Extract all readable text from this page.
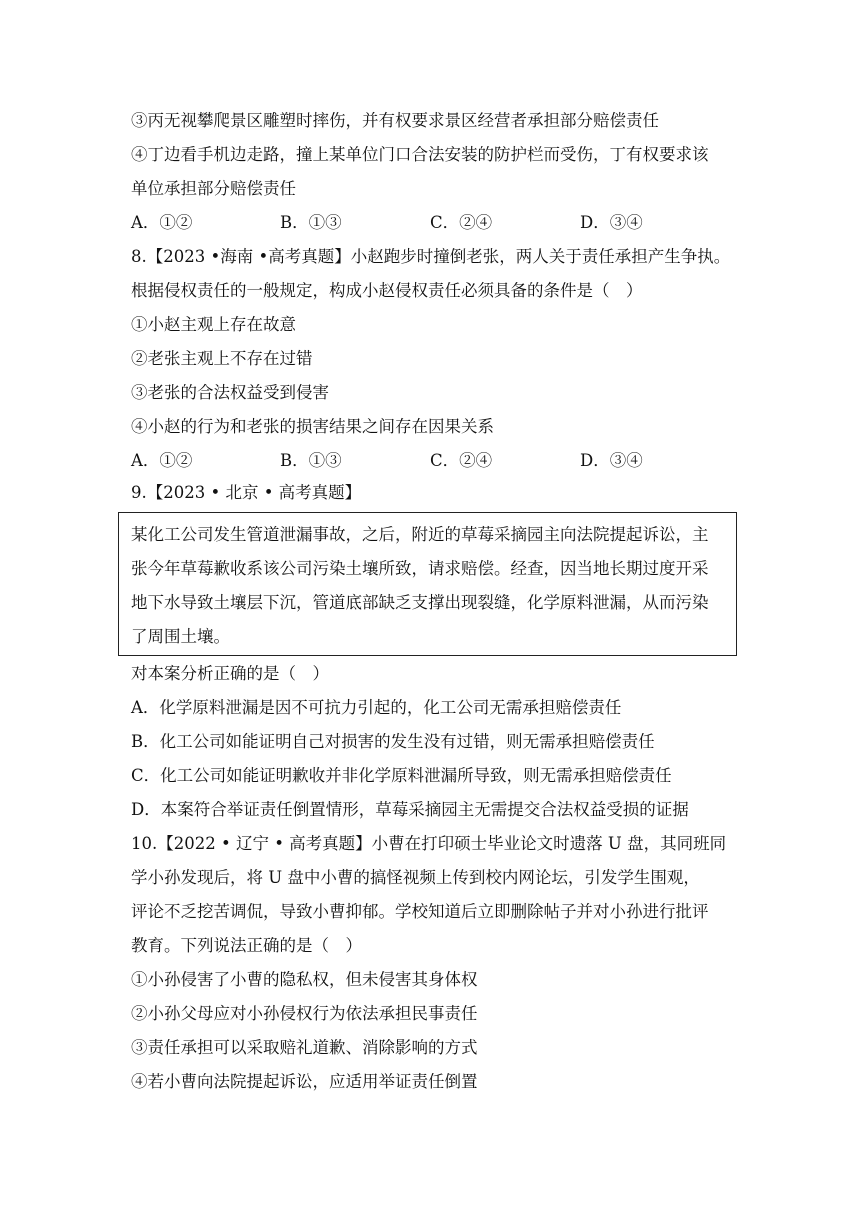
③丙无视攀爬景区雕塑时摔伤，并有权要求景区经营者承担部分赔偿责任
④丁边看手机边走路，撞上某单位门口合法安装的防护栏而受伤，丁有权要求该
单位承担部分赔偿责任
A．①②	B．①③	C．②④	D．③④
8.【2023 •海南 •高考真题】小赵跑步时撞倒老张，两人关于责任承担产生争执。
根据侵权责任的一般规定，构成小赵侵权责任必须具备的条件是（　）
①小赵主观上存在故意
②老张主观上不存在过错
③老张的合法权益受到侵害
④小赵的行为和老张的损害结果之间存在因果关系
A．①②	B．①③	C．②④	D．③④
9.【2023 • 北京 • 高考真题】
某化工公司发生管道泄漏事故，之后，附近的草莓采摘园主向法院提起诉讼，主
张今年草莓歉收系该公司污染土壤所致，请求赔偿。经查，因当地长期过度开采
地下水导致土壤层下沉，管道底部缺乏支撑出现裂缝，化学原料泄漏，从而污染
了周围土壤。
对本案分析正确的是（　）
A．化学原料泄漏是因不可抗力引起的，化工公司无需承担赔偿责任
B．化工公司如能证明自己对损害的发生没有过错，则无需承担赔偿责任
C．化工公司如能证明歉收并非化学原料泄漏所导致，则无需承担赔偿责任
D．本案符合举证责任倒置情形，草莓采摘园主无需提交合法权益受损的证据
10.【2022 • 辽宁 • 高考真题】小曹在打印硕士毕业论文时遗落 U 盘，其同班同
学小孙发现后，将 U 盘中小曹的搞怪视频上传到校内网论坛，引发学生围观，
评论不乏挖苦调侃，导致小曹抑郁。学校知道后立即删除帖子并对小孙进行批评
教育。下列说法正确的是（　）
①小孙侵害了小曹的隐私权，但未侵害其身体权
②小孙父母应对小孙侵权行为依法承担民事责任
③责任承担可以采取赔礼道歉、消除影响的方式
④若小曹向法院提起诉讼，应适用举证责任倒置
